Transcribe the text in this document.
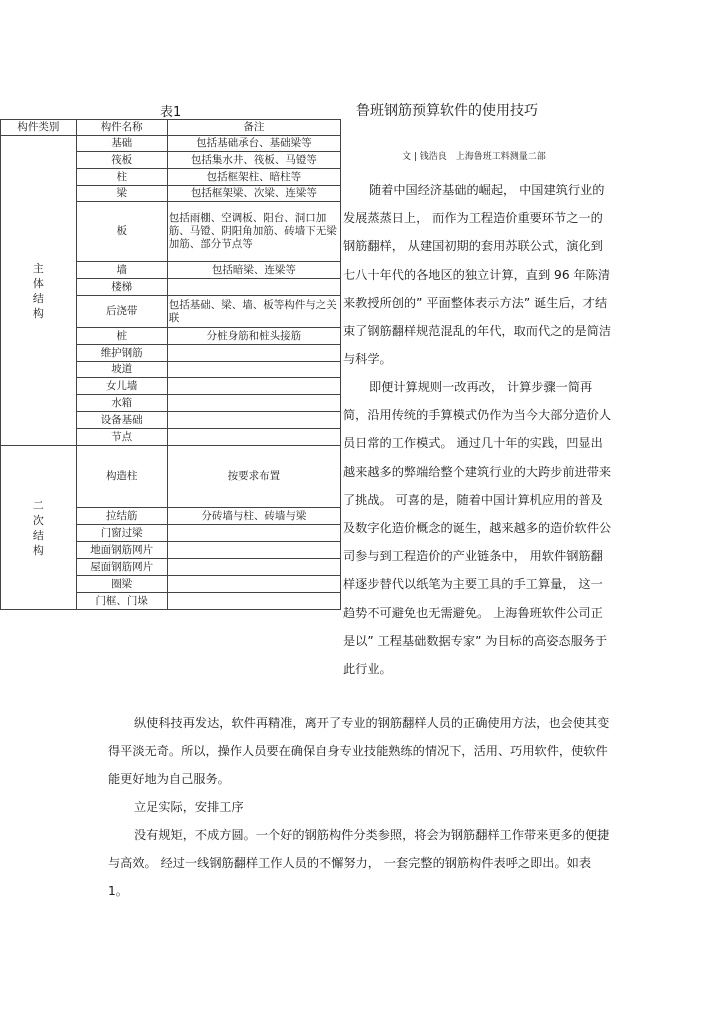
表1
构件类别	构件名称	备注
主体结构	基础	包括基础承台、基础梁等
	筏板	包括集水井、筏板、马镫等
	柱	包括框架柱、暗柱等
	梁	包括框架梁、次梁、连梁等
	板	包括雨棚、空调板、阳台、洞口加筋、马镫、阴阳角加筋、砖墙下无梁加筋、部分节点等
	墙	包括暗梁、连梁等
	楼梯	
	后浇带	包括基础、梁、墙、板等构件与之关联
	桩	分桩身筋和桩头接筋
	维护钢筋	
	坡道	
	女儿墙	
	水箱	
	设备基础	
	节点	
二次结构	构造柱	按要求布置
	拉结筋	分砖墙与柱、砖墙与梁
	门窗过梁	
	地面钢筋网片	
	屋面钢筋网片	
	圈梁	
	门框、门垛	
鲁班钢筋预算软件的使用技巧
文 | 钱浩良　上海鲁班工料测量二部

随着中国经济基础的崛起， 中国建筑行业的发展蒸蒸日上， 而作为工程造价重要环节之一的钢筋翻样， 从建国初期的套用苏联公式，演化到七八十年代的各地区的独立计算，直到 96 年陈清来教授所创的” 平面整体表示方法” 诞生后，才结束了钢筋翻样规范混乱的年代，取而代之的是简洁与科学。

即便计算规则一改再改， 计算步骤一简再简，沿用传统的手算模式仍作为当今大部分造价人员日常的工作模式。 通过几十年的实践，凹显出越来越多的弊端给整个建筑行业的大跨步前进带来了挑战。 可喜的是，随着中国计算机应用的普及及数字化造价概念的诞生，越来越多的造价软件公司参与到工程造价的产业链条中， 用软件钢筋翻样逐步替代以纸笔为主要工具的手工算量， 这一趋势不可避免也无需避免。 上海鲁班软件公司正是以” 工程基础数据专家” 为目标的高姿态服务于此行业。

纵使科技再发达，软件再精准，离开了专业的钢筋翻样人员的正确使用方法，也会使其变得平淡无奇。所以，操作人员要在确保自身专业技能熟练的情况下，活用、巧用软件，使软件能更好地为自己服务。

立足实际，安排工序

没有规矩，不成方圆。一个好的钢筋构件分类参照，将会为钢筋翻样工作带来更多的便捷与高效。 经过一线钢筋翻样工作人员的不懈努力， 一套完整的钢筋构件表呼之即出。如表 1。
